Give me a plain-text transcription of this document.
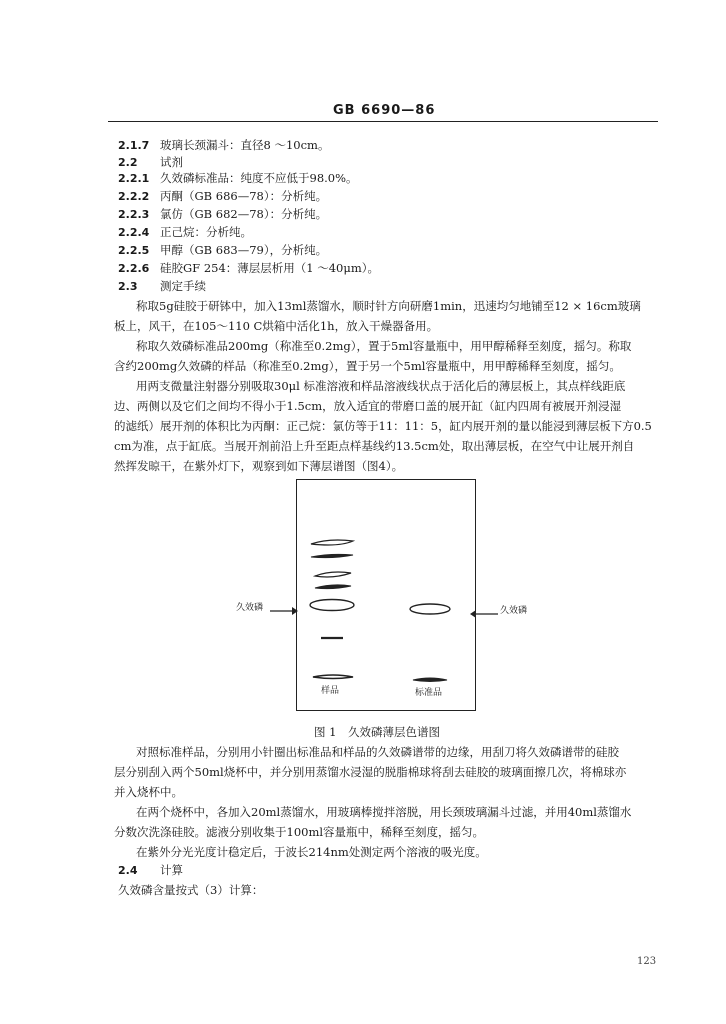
GB 6690—86
2.1.7 玻璃长颈漏斗：直径8 ～10cm。
2.2 试剂
2.2.1 久效磷标准品：纯度不应低于98.0%。
2.2.2 丙酮（GB 686—78）：分析纯。
2.2.3 氯仿（GB 682—78）：分析纯。
2.2.4 正己烷：分析纯。
2.2.5 甲醇（GB 683—79），分析纯。
2.2.6 硅胶GF 254：薄层层析用（1 ～40μm）。
2.3 测定手续
称取5g硅胶于研钵中，加入13ml蒸馏水，顺时针方向研磨1min，迅速均匀地铺至12 × 16cm玻璃
板上，风干，在105～110 C烘箱中活化1h，放入干燥器备用。
称取久效磷标准品200mg（称准至0.2mg），置于5ml容量瓶中，用甲醇稀释至刻度，摇匀。称取
含约200mg久效磷的样品（称准至0.2mg），置于另一个5ml容量瓶中，用甲醇稀释至刻度，摇匀。
用两支微量注射器分别吸取30μl 标准溶液和样品溶液线状点于活化后的薄层板上，其点样线距底
边、两侧以及它们之间均不得小于1.5cm，放入适宜的带磨口盖的展开缸（缸内四周有被展开剂浸湿
的滤纸）展开剂的体积比为丙酮：正己烷：氯仿等于11：11：5，缸内展开剂的量以能浸到薄层板下方0.5
cm为准，点于缸底。当展开剂前沿上升至距点样基线约13.5cm处，取出薄层板，在空气中让展开剂自
样品	标准品
久效磷	久效磷
图 1　久效磷薄层色谱图
对照标准样品，分别用小针圈出标准品和样品的久效磷谱带的边缘，用刮刀将久效磷谱带的硅胶
层分别刮入两个50ml烧杯中，并分别用蒸馏水浸湿的脱脂棉球将刮去硅胶的玻璃面擦几次，将棉球亦
并入烧杯中。
在两个烧杯中，各加入20ml蒸馏水，用玻璃棒搅拌溶脱，用长颈玻璃漏斗过滤，并用40ml蒸馏水
分数次洗涤硅胶。滤液分别收集于100ml容量瓶中，稀释至刻度，摇匀。
在紫外分光光度计稳定后，于波长214nm处测定两个溶液的吸光度。
2.4 计算
久效磷含量按式（3）计算：
123
然挥发晾干，在紫外灯下，观察到如下薄层谱图（图4）。
